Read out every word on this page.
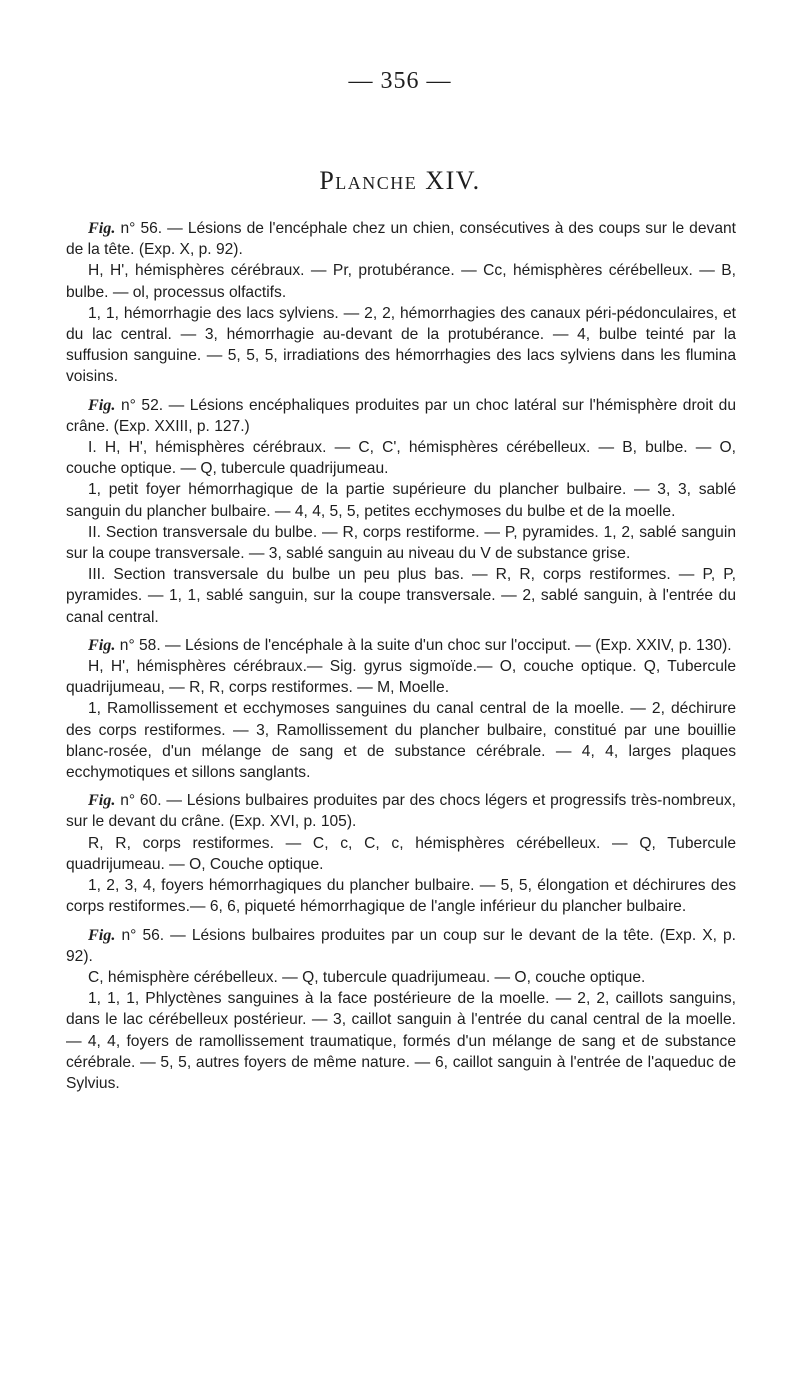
— 356 —
Planche XIV.

Fig. n° 56. — Lésions de l'encéphale chez un chien, consécutives à des coups sur le devant de la tête. (Exp. X, p. 92).

H, H', hémisphères cérébraux. — Pr, protubérance. — Cc, hémisphères cérébelleux. — B, bulbe. — ol, processus olfactifs.

1, 1, hémorrhagie des lacs sylviens. — 2, 2, hémorrhagies des canaux péri-pédonculaires, et du lac central. — 3, hémorrhagie au-devant de la protubérance. — 4, bulbe teinté par la suffusion sanguine. — 5, 5, 5, irradiations des hémorrhagies des lacs sylviens dans les flumina voisins.

Fig. n° 52. — Lésions encéphaliques produites par un choc latéral sur l'hémisphère droit du crâne. (Exp. XXIII, p. 127.)

I. H, H', hémisphères cérébraux. — C, C', hémisphères cérébelleux. — B, bulbe. — O, couche optique. — Q, tubercule quadrijumeau.

1, petit foyer hémorrhagique de la partie supérieure du plancher bulbaire. — 3, 3, sablé sanguin du plancher bulbaire. — 4, 4, 5, 5, petites ecchymoses du bulbe et de la moelle.

II. Section transversale du bulbe. — R, corps restiforme. — P, pyramides. 1, 2, sablé sanguin sur la coupe transversale. — 3, sablé sanguin au niveau du V de substance grise.

III. Section transversale du bulbe un peu plus bas. — R, R, corps restiformes. — P, P, pyramides. — 1, 1, sablé sanguin, sur la coupe transversale. — 2, sablé sanguin, à l'entrée du canal central.

Fig. n° 58. — Lésions de l'encéphale à la suite d'un choc sur l'occiput. — (Exp. XXIV, p. 130).

H, H', hémisphères cérébraux.— Sig. gyrus sigmoïde.— O, couche optique. Q, Tubercule quadrijumeau, — R, R, corps restiformes. — M, Moelle.

1, Ramollissement et ecchymoses sanguines du canal central de la moelle. — 2, déchirure des corps restiformes. — 3, Ramollissement du plancher bulbaire, constitué par une bouillie blanc-rosée, d'un mélange de sang et de substance cérébrale. — 4, 4, larges plaques ecchymotiques et sillons sanglants.

Fig. n° 60. — Lésions bulbaires produites par des chocs légers et progressifs très-nombreux, sur le devant du crâne. (Exp. XVI, p. 105).

R, R, corps restiformes. — C, c, C, c, hémisphères cérébelleux. — Q, Tubercule quadrijumeau. — O, Couche optique.

1, 2, 3, 4, foyers hémorrhagiques du plancher bulbaire. — 5, 5, élongation et déchirures des corps restiformes.— 6, 6, piqueté hémorrhagique de l'angle inférieur du plancher bulbaire.

Fig. n° 56. — Lésions bulbaires produites par un coup sur le devant de la tête. (Exp. X, p. 92).

C, hémisphère cérébelleux. — Q, tubercule quadrijumeau. — O, couche optique.

1, 1, 1, Phlyctènes sanguines à la face postérieure de la moelle. — 2, 2, caillots sanguins, dans le lac cérébelleux postérieur. — 3, caillot sanguin à l'entrée du canal central de la moelle. — 4, 4, foyers de ramollissement traumatique, formés d'un mélange de sang et de substance cérébrale. — 5, 5, autres foyers de même nature. — 6, caillot sanguin à l'entrée de l'aqueduc de Sylvius.
